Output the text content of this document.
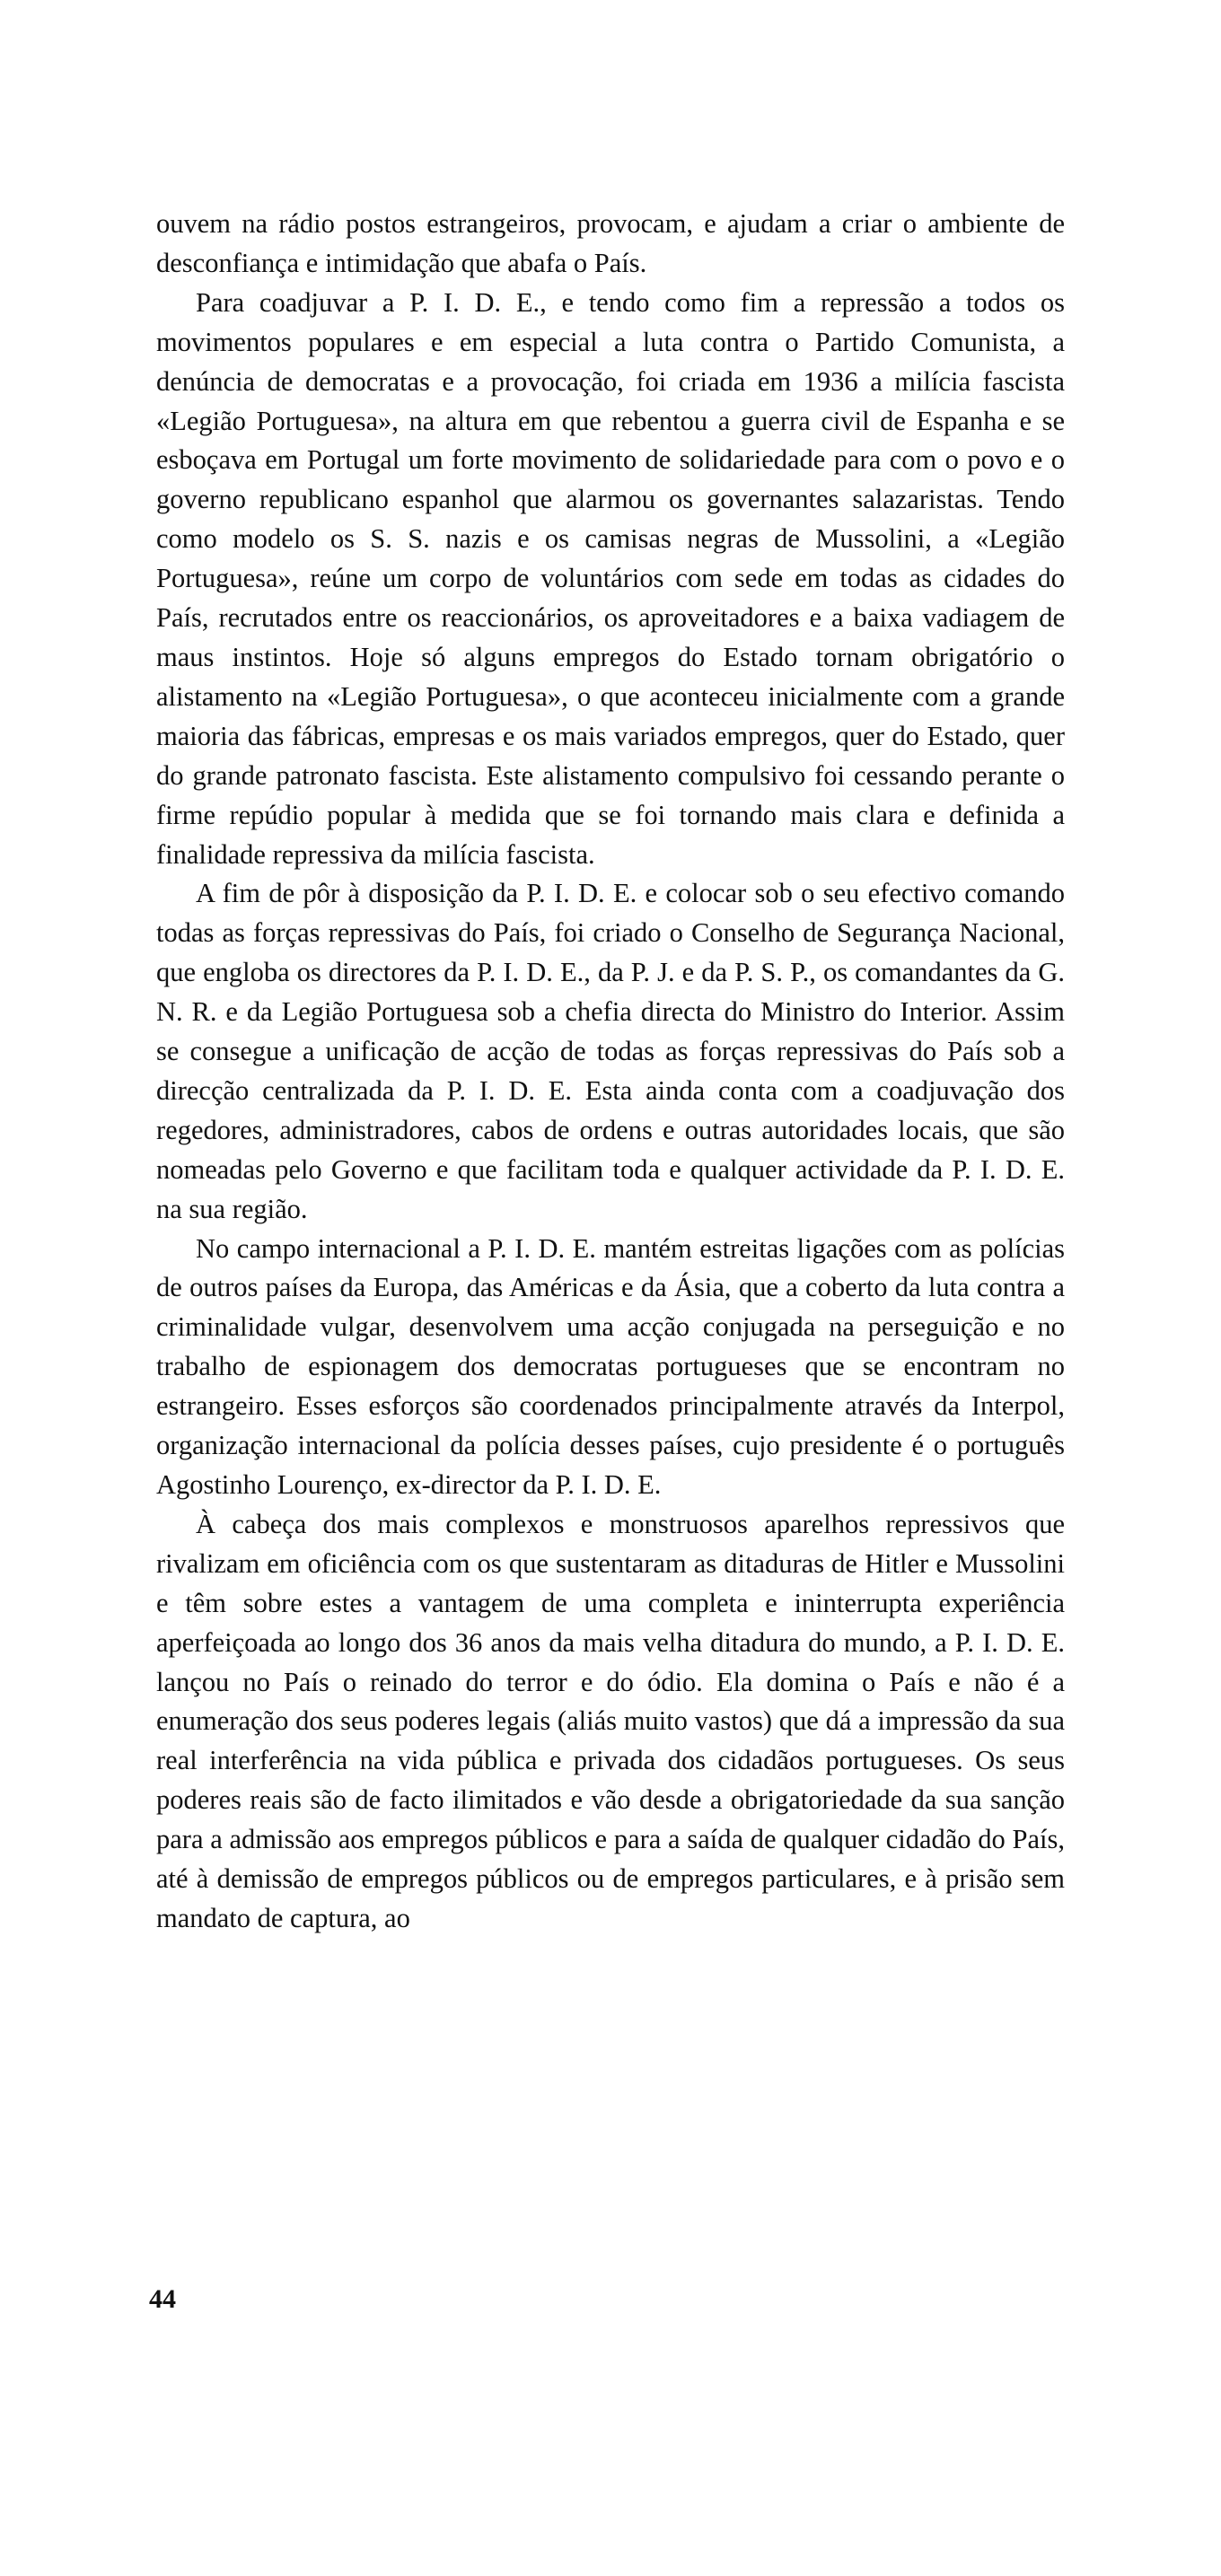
ouvem na rádio postos estrangeiros, provocam, e ajudam a criar o ambiente de desconfiança e intimidação que abafa o País.

Para coadjuvar a P. I. D. E., e tendo como fim a repressão a todos os movimentos populares e em especial a luta contra o Partido Comunista, a denúncia de democratas e a provocação, foi criada em 1936 a milícia fascista «Legião Portuguesa», na altura em que rebentou a guerra civil de Espanha e se esboçava em Portugal um forte movimento de solidariedade para com o povo e o governo republicano espanhol que alarmou os governantes salazaristas. Tendo como modelo os S. S. nazis e os camisas negras de Mussolini, a «Legião Portuguesa», reúne um corpo de voluntários com sede em todas as cidades do País, recrutados entre os reaccionários, os aproveitadores e a baixa vadiagem de maus instintos. Hoje só alguns empregos do Estado tornam obrigatório o alistamento na «Legião Portuguesa», o que aconteceu inicialmente com a grande maioria das fábricas, empresas e os mais variados empregos, quer do Estado, quer do grande patronato fascista. Este alistamento compulsivo foi cessando perante o firme repúdio popular à medida que se foi tornando mais clara e definida a finalidade repressiva da milícia fascista.

A fim de pôr à disposição da P. I. D. E. e colocar sob o seu efectivo comando todas as forças repressivas do País, foi criado o Conselho de Segurança Nacional, que engloba os directores da P. I. D. E., da P. J. e da P. S. P., os comandantes da G. N. R. e da Legião Portuguesa sob a chefia directa do Ministro do Interior. Assim se consegue a unificação de acção de todas as forças repressivas do País sob a direcção centralizada da P. I. D. E. Esta ainda conta com a coadjuvação dos regedores, administradores, cabos de ordens e outras autoridades locais, que são nomeadas pelo Governo e que facilitam toda e qualquer actividade da P. I. D. E. na sua região.

No campo internacional a P. I. D. E. mantém estreitas ligações com as polícias de outros países da Europa, das Américas e da Ásia, que a coberto da luta contra a criminalidade vulgar, desenvolvem uma acção conjugada na perseguição e no trabalho de espionagem dos democratas portugueses que se encontram no estrangeiro. Esses esforços são coordenados principalmente através da Interpol, organização internacional da polícia desses países, cujo presidente é o português Agostinho Lourenço, ex-director da P. I. D. E.

À cabeça dos mais complexos e monstruosos aparelhos repressivos que rivalizam em oficiência com os que sustentaram as ditaduras de Hitler e Mussolini e têm sobre estes a vantagem de uma completa e ininterrupta experiência aperfeiçoada ao longo dos 36 anos da mais velha ditadura do mundo, a P. I. D. E. lançou no País o reinado do terror e do ódio. Ela domina o País e não é a enumeração dos seus poderes legais (aliás muito vastos) que dá a impressão da sua real interferência na vida pública e privada dos cidadãos portugueses. Os seus poderes reais são de facto ilimitados e vão desde a obrigatoriedade da sua sanção para a admissão aos empregos públicos e para a saída de qualquer cidadão do País, até à demissão de empregos públicos ou de empregos particulares, e à prisão sem mandato de captura, ao

44
